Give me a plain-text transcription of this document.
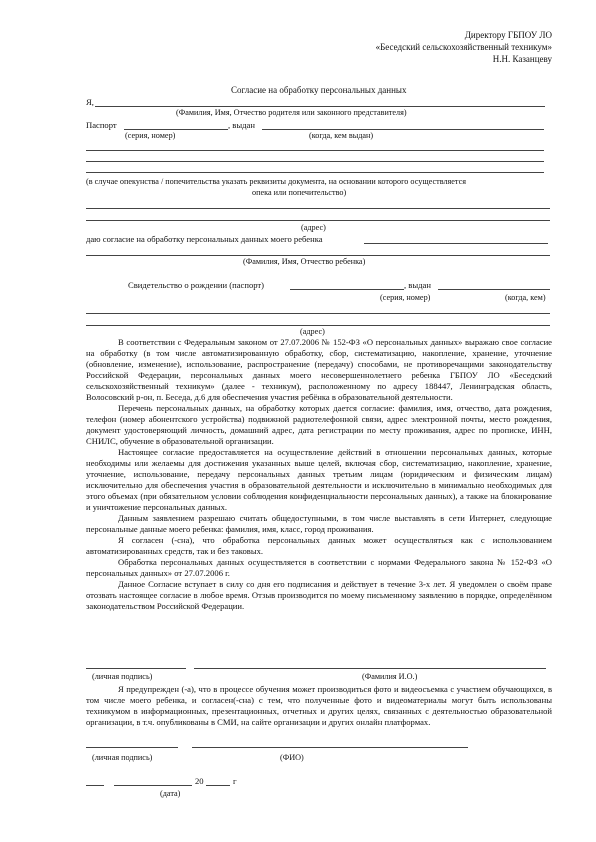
Директору ГБПОУ ЛО
«Беседский сельскохозяйственный техникум»
Н.Н. Казанцеву
Согласие на обработку персональных данных
Я,
(Фамилия, Имя, Отчество родителя или законного представителя)
Паспорт	, выдан
(серия, номер)	(когда, кем выдан)
(в случае опекунства / попечительства указать реквизиты документа, на основании которого осуществляется
опека или попечительство)
(адрес)
даю согласие на обработку персональных данных моего ребенка
(Фамилия, Имя, Отчество ребенка)
Свидетельство о рождении (паспорт)	, выдан
(серия, номер)	(когда, кем)
(адрес)

В соответствии с Федеральным законом от 27.07.2006 № 152-ФЗ «О персональных данных» выражаю свое согласие на обработку (в том числе автоматизированную обработку, сбор, систематизацию, накопление, хранение, уточнение (обновление, изменение), использование, распространение (передачу) способами, не противоречащими законодательству Российской Федерации, персональных данных моего несовершеннолетнего ребенка ГБПОУ ЛО «Беседский сельскохозяйственный техникум» (далее - техникум), расположенному по адресу 188447, Ленинградская область, Волосовский р-он, п. Беседа, д.6 для обеспечения участия ребёнка в образовательной деятельности.

Перечень персональных данных, на обработку которых дается согласие: фамилия, имя, отчество, дата рождения, телефон (номер абонентского устройства) подвижной радиотелефонной связи, адрес электронной почты, место рождения, документ удостоверяющий личность, домашний адрес, дата регистрации по месту проживания, адрес по прописке, ИНН, СНИЛС, обучение в образовательной организации.

Настоящее согласие предоставляется на осуществление действий в отношении персональных данных, которые необходимы или желаемы для достижения указанных выше целей, включая сбор, систематизацию, накопление, хранение, уточнение, использование, передачу персональных данных третьим лицам (юридическим и физическим лицам) исключительно для обеспечения участия в образовательной деятельности и исключительно в минимально необходимых для этого объемах (при обязательном условии соблюдения конфиденциальности персональных данных), а также на блокирование и уничтожение персональных данных.

Данным заявлением разрешаю считать общедоступными, в том числе выставлять в сети Интернет, следующие персональные данные моего ребенка: фамилия, имя, класс, город проживания.

Я согласен (-сна), что обработка персональных данных может осуществляться как с использованием автоматизированных средств, так и без таковых.

Обработка персональных данных осуществляется в соответствии с нормами Федерального закона № 152-ФЗ «О персональных данных» от 27.07.2006 г.

Данное Согласие вступает в силу со дня его подписания и действует в течение 3-х лет. Я уведомлен о своём праве отозвать настоящее согласие в любое время. Отзыв производится по моему письменному заявлению в порядке, определённом законодательством Российской Федерации.

(личная подпись)	(Фамилия И.О.)

Я предупрежден (-а), что в процессе обучения может производиться фото и видеосъемка с участием обучающихся, в том числе моего ребенка, и согласен(-сна) с тем, что полученные фото и видеоматериалы могут быть использованы техникумом в информационных, презентационных, отчетных и других целях, связанных с деятельностью образовательной организации, в т.ч. опубликованы в СМИ, на сайте организации и других онлайн платформах.

(личная подпись)	(ФИО)
20	г
(дата)
